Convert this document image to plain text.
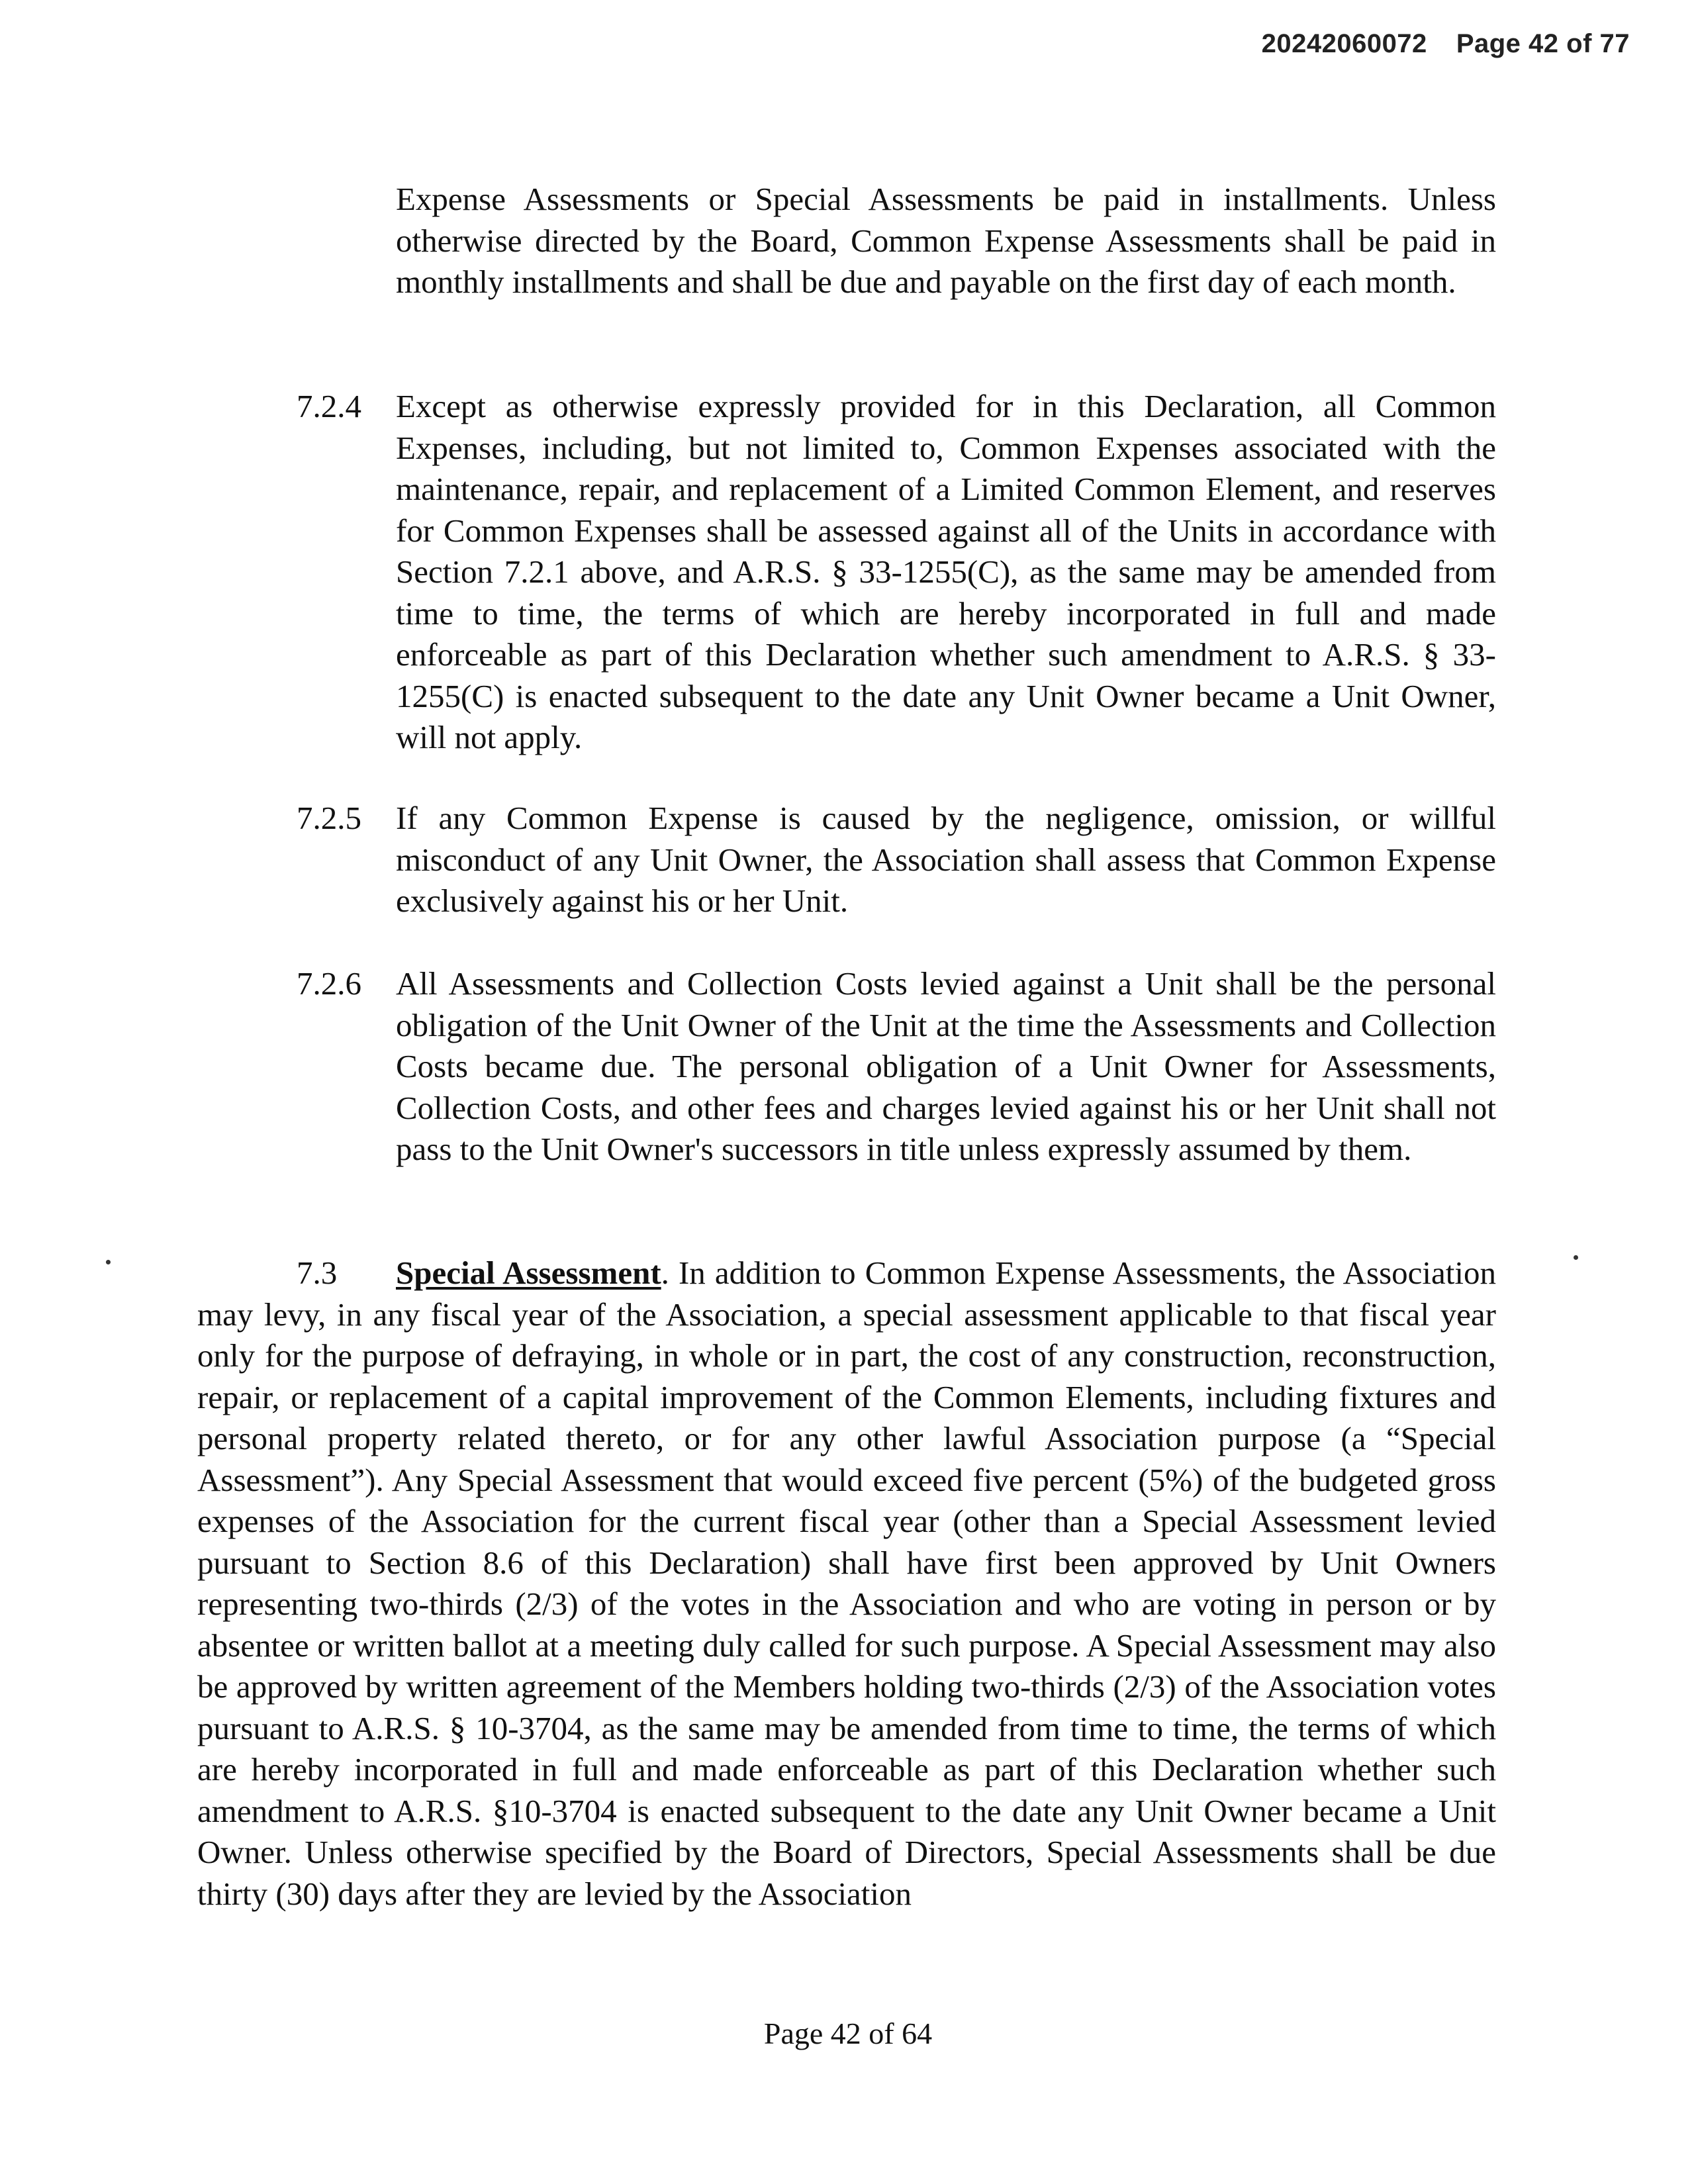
20242060072 Page 42 of 77
Expense Assessments or Special Assessments be paid in installments. Unless otherwise directed by the Board, Common Expense Assessments shall be paid in monthly installments and shall be due and payable on the first day of each month.
7.2.4 Except as otherwise expressly provided for in this Declaration, all Common Expenses, including, but not limited to, Common Expenses associated with the maintenance, repair, and replacement of a Limited Common Element, and reserves for Common Expenses shall be assessed against all of the Units in accordance with Section 7.2.1 above, and A.R.S. § 33-1255(C), as the same may be amended from time to time, the terms of which are hereby incorporated in full and made enforceable as part of this Declaration whether such amendment to A.R.S. § 33-1255(C) is enacted subsequent to the date any Unit Owner became a Unit Owner, will not apply.
7.2.5 If any Common Expense is caused by the negligence, omission, or willful misconduct of any Unit Owner, the Association shall assess that Common Expense exclusively against his or her Unit.
7.2.6 All Assessments and Collection Costs levied against a Unit shall be the personal obligation of the Unit Owner of the Unit at the time the Assessments and Collection Costs became due. The personal obligation of a Unit Owner for Assessments, Collection Costs, and other fees and charges levied against his or her Unit shall not pass to the Unit Owner's successors in title unless expressly assumed by them.
7.3 Special Assessment. In addition to Common Expense Assessments, the Association may levy, in any fiscal year of the Association, a special assessment applicable to that fiscal year only for the purpose of defraying, in whole or in part, the cost of any construction, reconstruction, repair, or replacement of a capital improvement of the Common Elements, including fixtures and personal property related thereto, or for any other lawful Association purpose (a “Special Assessment”). Any Special Assessment that would exceed five percent (5%) of the budgeted gross expenses of the Association for the current fiscal year (other than a Special Assessment levied pursuant to Section 8.6 of this Declaration) shall have first been approved by Unit Owners representing two-thirds (2/3) of the votes in the Association and who are voting in person or by absentee or written ballot at a meeting duly called for such purpose. A Special Assessment may also be approved by written agreement of the Members holding two-thirds (2/3) of the Association votes pursuant to A.R.S. § 10-3704, as the same may be amended from time to time, the terms of which are hereby incorporated in full and made enforceable as part of this Declaration whether such amendment to A.R.S. §10-3704 is enacted subsequent to the date any Unit Owner became a Unit Owner. Unless otherwise specified by the Board of Directors, Special Assessments shall be due thirty (30) days after they are levied by the Association
Page 42 of 64
